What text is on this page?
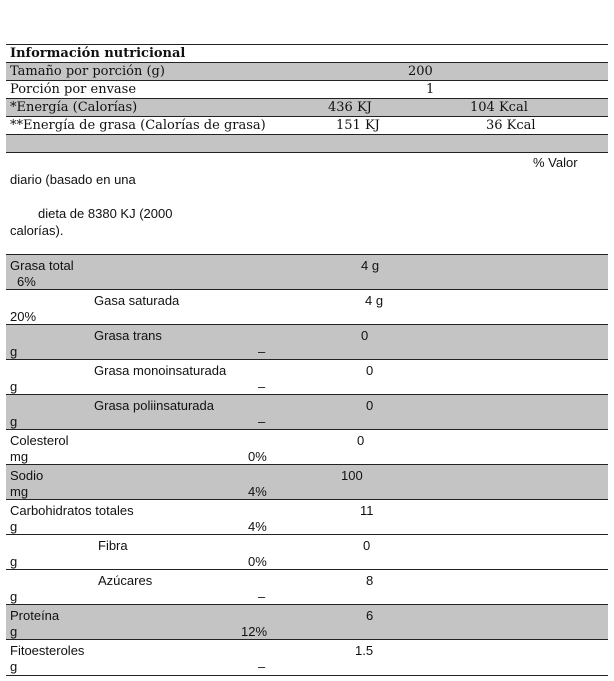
Información nutricional
Tamaño por porción (g)	200
Porción por envase	1
*Energía (Calorías)	436 KJ	104 Kcal
**Energía de grasa (Calorías de grasa)	151 KJ	36 Kcal
% Valor
diario (basado en una
dieta de 8380 KJ (2000
calorías).
Grasa total	4 g
6%
Gasa saturada	4 g
20%
Grasa trans	0
g	–
Grasa monoinsaturada	0
g	–
Grasa poliinsaturada	0
g	–
Colesterol	0
mg	0%
Sodio	100
mg	4%
Carbohidratos totales	11
g	4%
Fibra	0
g	0%
Azúcares	8
g	–
Proteína	6
g	12%
Fitoesteroles	1.5
g	–
